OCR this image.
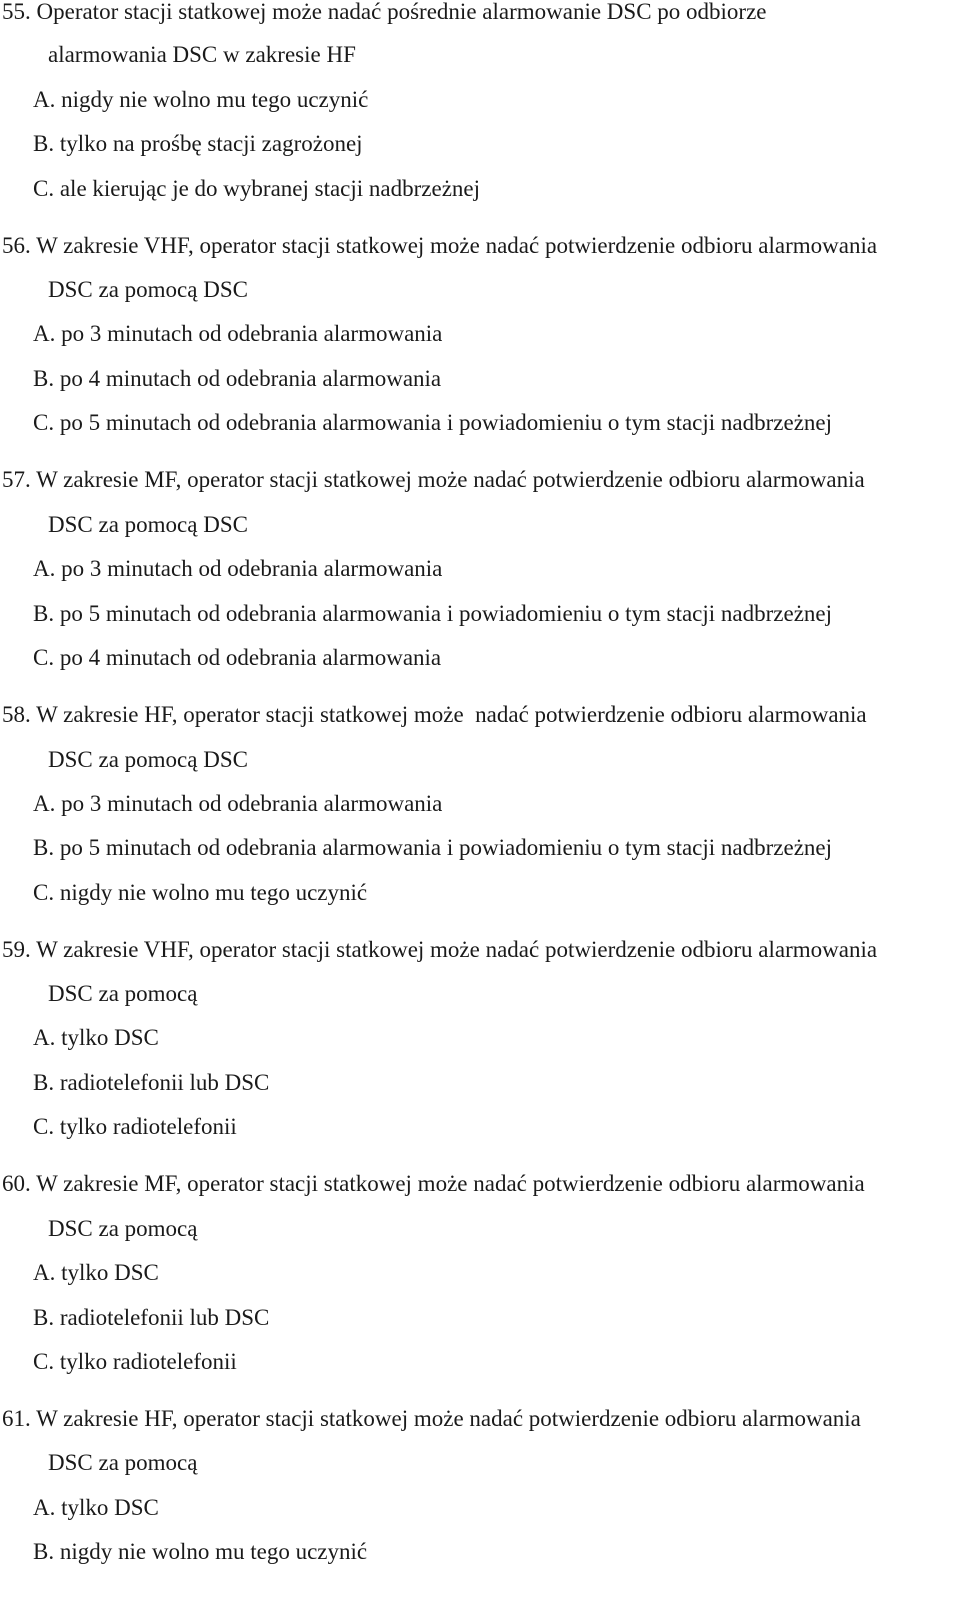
55. Operator stacji statkowej może nadać pośrednie alarmowanie DSC po odbiorze
alarmowania DSC w zakresie HF
A. nigdy nie wolno mu tego uczynić
B. tylko na prośbę stacji zagrożonej
C. ale kierując je do wybranej stacji nadbrzeżnej
56. W zakresie VHF, operator stacji statkowej może nadać potwierdzenie odbioru alarmowania
DSC za pomocą DSC
A. po 3 minutach od odebrania alarmowania
B. po 4 minutach od odebrania alarmowania
C. po 5 minutach od odebrania alarmowania i powiadomieniu o tym stacji nadbrzeżnej
57. W zakresie MF, operator stacji statkowej może nadać potwierdzenie odbioru alarmowania
DSC za pomocą DSC
A. po 3 minutach od odebrania alarmowania
B. po 5 minutach od odebrania alarmowania i powiadomieniu o tym stacji nadbrzeżnej
C. po 4 minutach od odebrania alarmowania
58. W zakresie HF, operator stacji statkowej może  nadać potwierdzenie odbioru alarmowania
DSC za pomocą DSC
A. po 3 minutach od odebrania alarmowania
B. po 5 minutach od odebrania alarmowania i powiadomieniu o tym stacji nadbrzeżnej
C. nigdy nie wolno mu tego uczynić
59. W zakresie VHF, operator stacji statkowej może nadać potwierdzenie odbioru alarmowania
DSC za pomocą
A. tylko DSC
B. radiotelefonii lub DSC
C. tylko radiotelefonii
60. W zakresie MF, operator stacji statkowej może nadać potwierdzenie odbioru alarmowania
DSC za pomocą
A. tylko DSC
B. radiotelefonii lub DSC
C. tylko radiotelefonii
61. W zakresie HF, operator stacji statkowej może nadać potwierdzenie odbioru alarmowania
DSC za pomocą
A. tylko DSC
B. nigdy nie wolno mu tego uczynić
